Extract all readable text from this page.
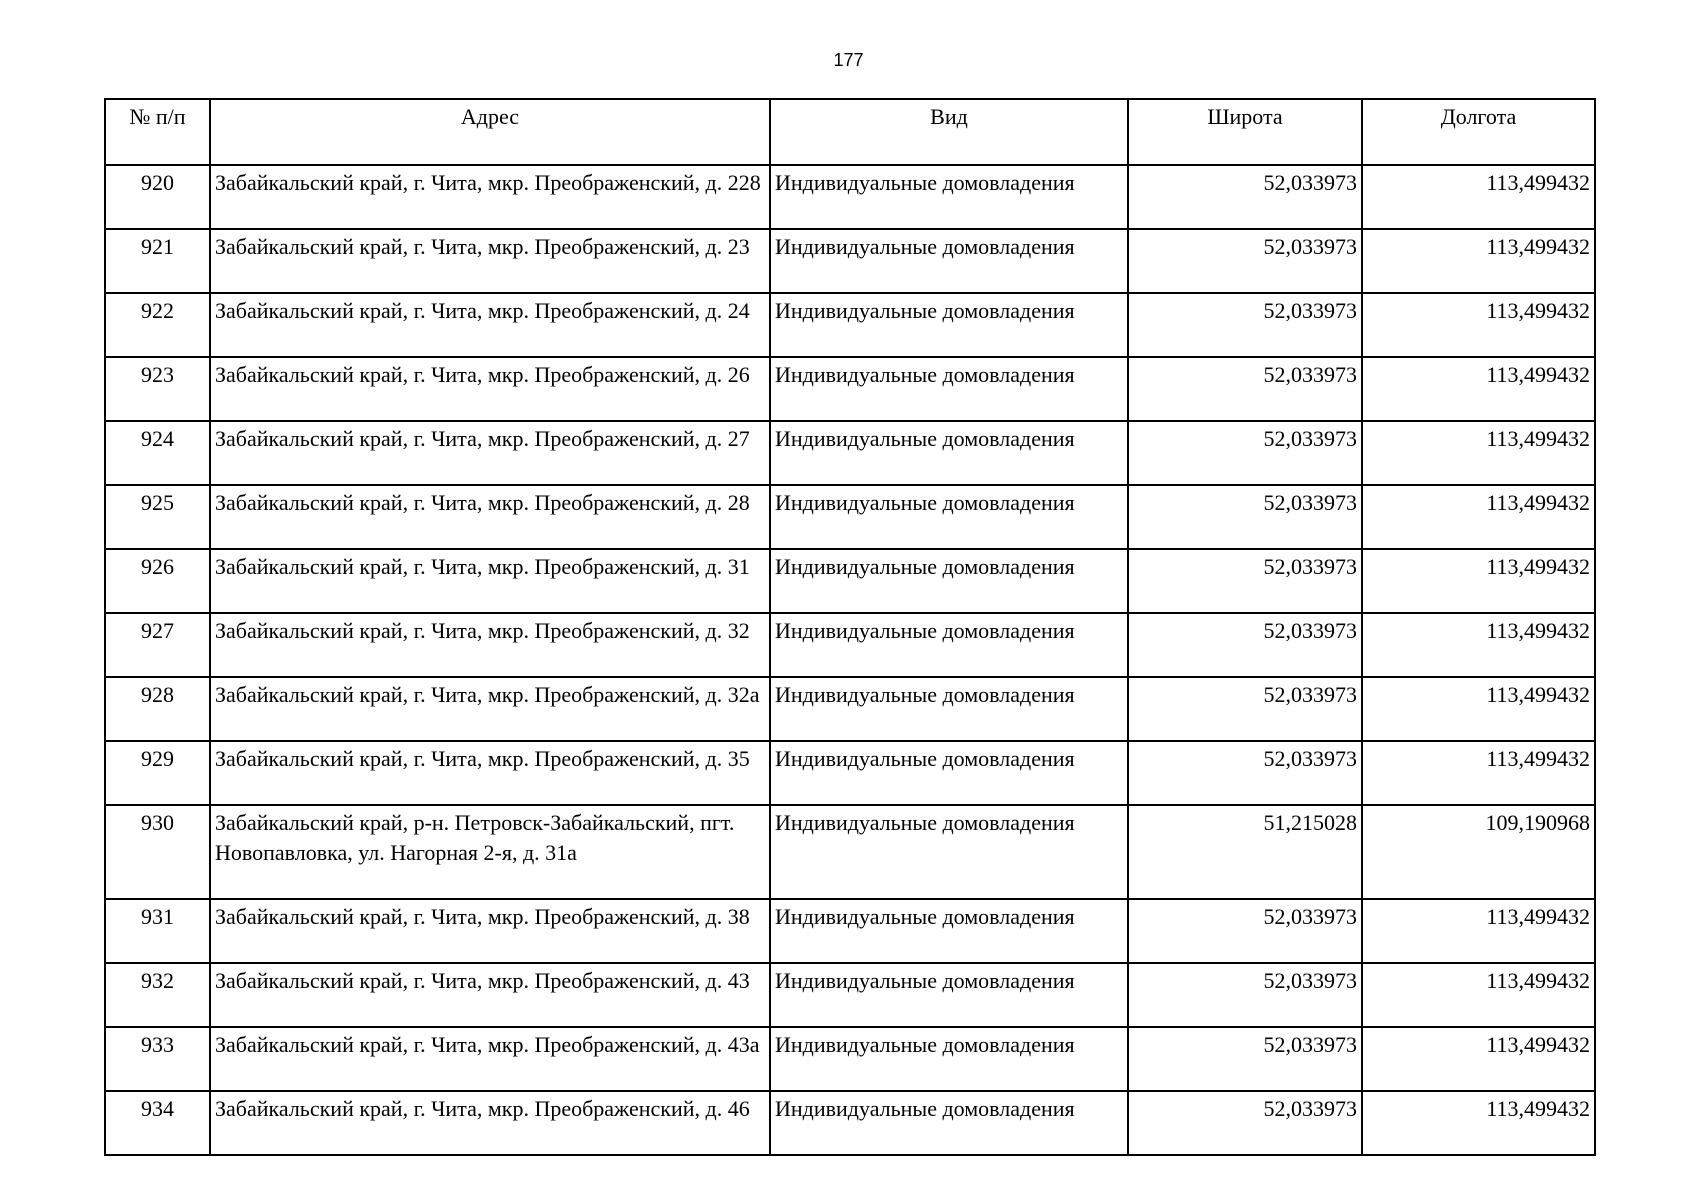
177
№ п/п	Адрес	Вид	Широта	Долгота
920	Забайкальский край, г. Чита, мкр. Преображенский, д. 228	Индивидуальные домовладения	52,033973	113,499432
921	Забайкальский край, г. Чита, мкр. Преображенский, д. 23	Индивидуальные домовладения	52,033973	113,499432
922	Забайкальский край, г. Чита, мкр. Преображенский, д. 24	Индивидуальные домовладения	52,033973	113,499432
923	Забайкальский край, г. Чита, мкр. Преображенский, д. 26	Индивидуальные домовладения	52,033973	113,499432
924	Забайкальский край, г. Чита, мкр. Преображенский, д. 27	Индивидуальные домовладения	52,033973	113,499432
925	Забайкальский край, г. Чита, мкр. Преображенский, д. 28	Индивидуальные домовладения	52,033973	113,499432
926	Забайкальский край, г. Чита, мкр. Преображенский, д. 31	Индивидуальные домовладения	52,033973	113,499432
927	Забайкальский край, г. Чита, мкр. Преображенский, д. 32	Индивидуальные домовладения	52,033973	113,499432
928	Забайкальский край, г. Чита, мкр. Преображенский, д. 32а	Индивидуальные домовладения	52,033973	113,499432
929	Забайкальский край, г. Чита, мкр. Преображенский, д. 35	Индивидуальные домовладения	52,033973	113,499432
930	Забайкальский край, р-н. Петровск-Забайкальский, пгт. Новопавловка, ул. Нагорная 2-я, д. 31а	Индивидуальные домовладения	51,215028	109,190968
931	Забайкальский край, г. Чита, мкр. Преображенский, д. 38	Индивидуальные домовладения	52,033973	113,499432
932	Забайкальский край, г. Чита, мкр. Преображенский, д. 43	Индивидуальные домовладения	52,033973	113,499432
933	Забайкальский край, г. Чита, мкр. Преображенский, д. 43а	Индивидуальные домовладения	52,033973	113,499432
934	Забайкальский край, г. Чита, мкр. Преображенский, д. 46	Индивидуальные домовладения	52,033973	113,499432
